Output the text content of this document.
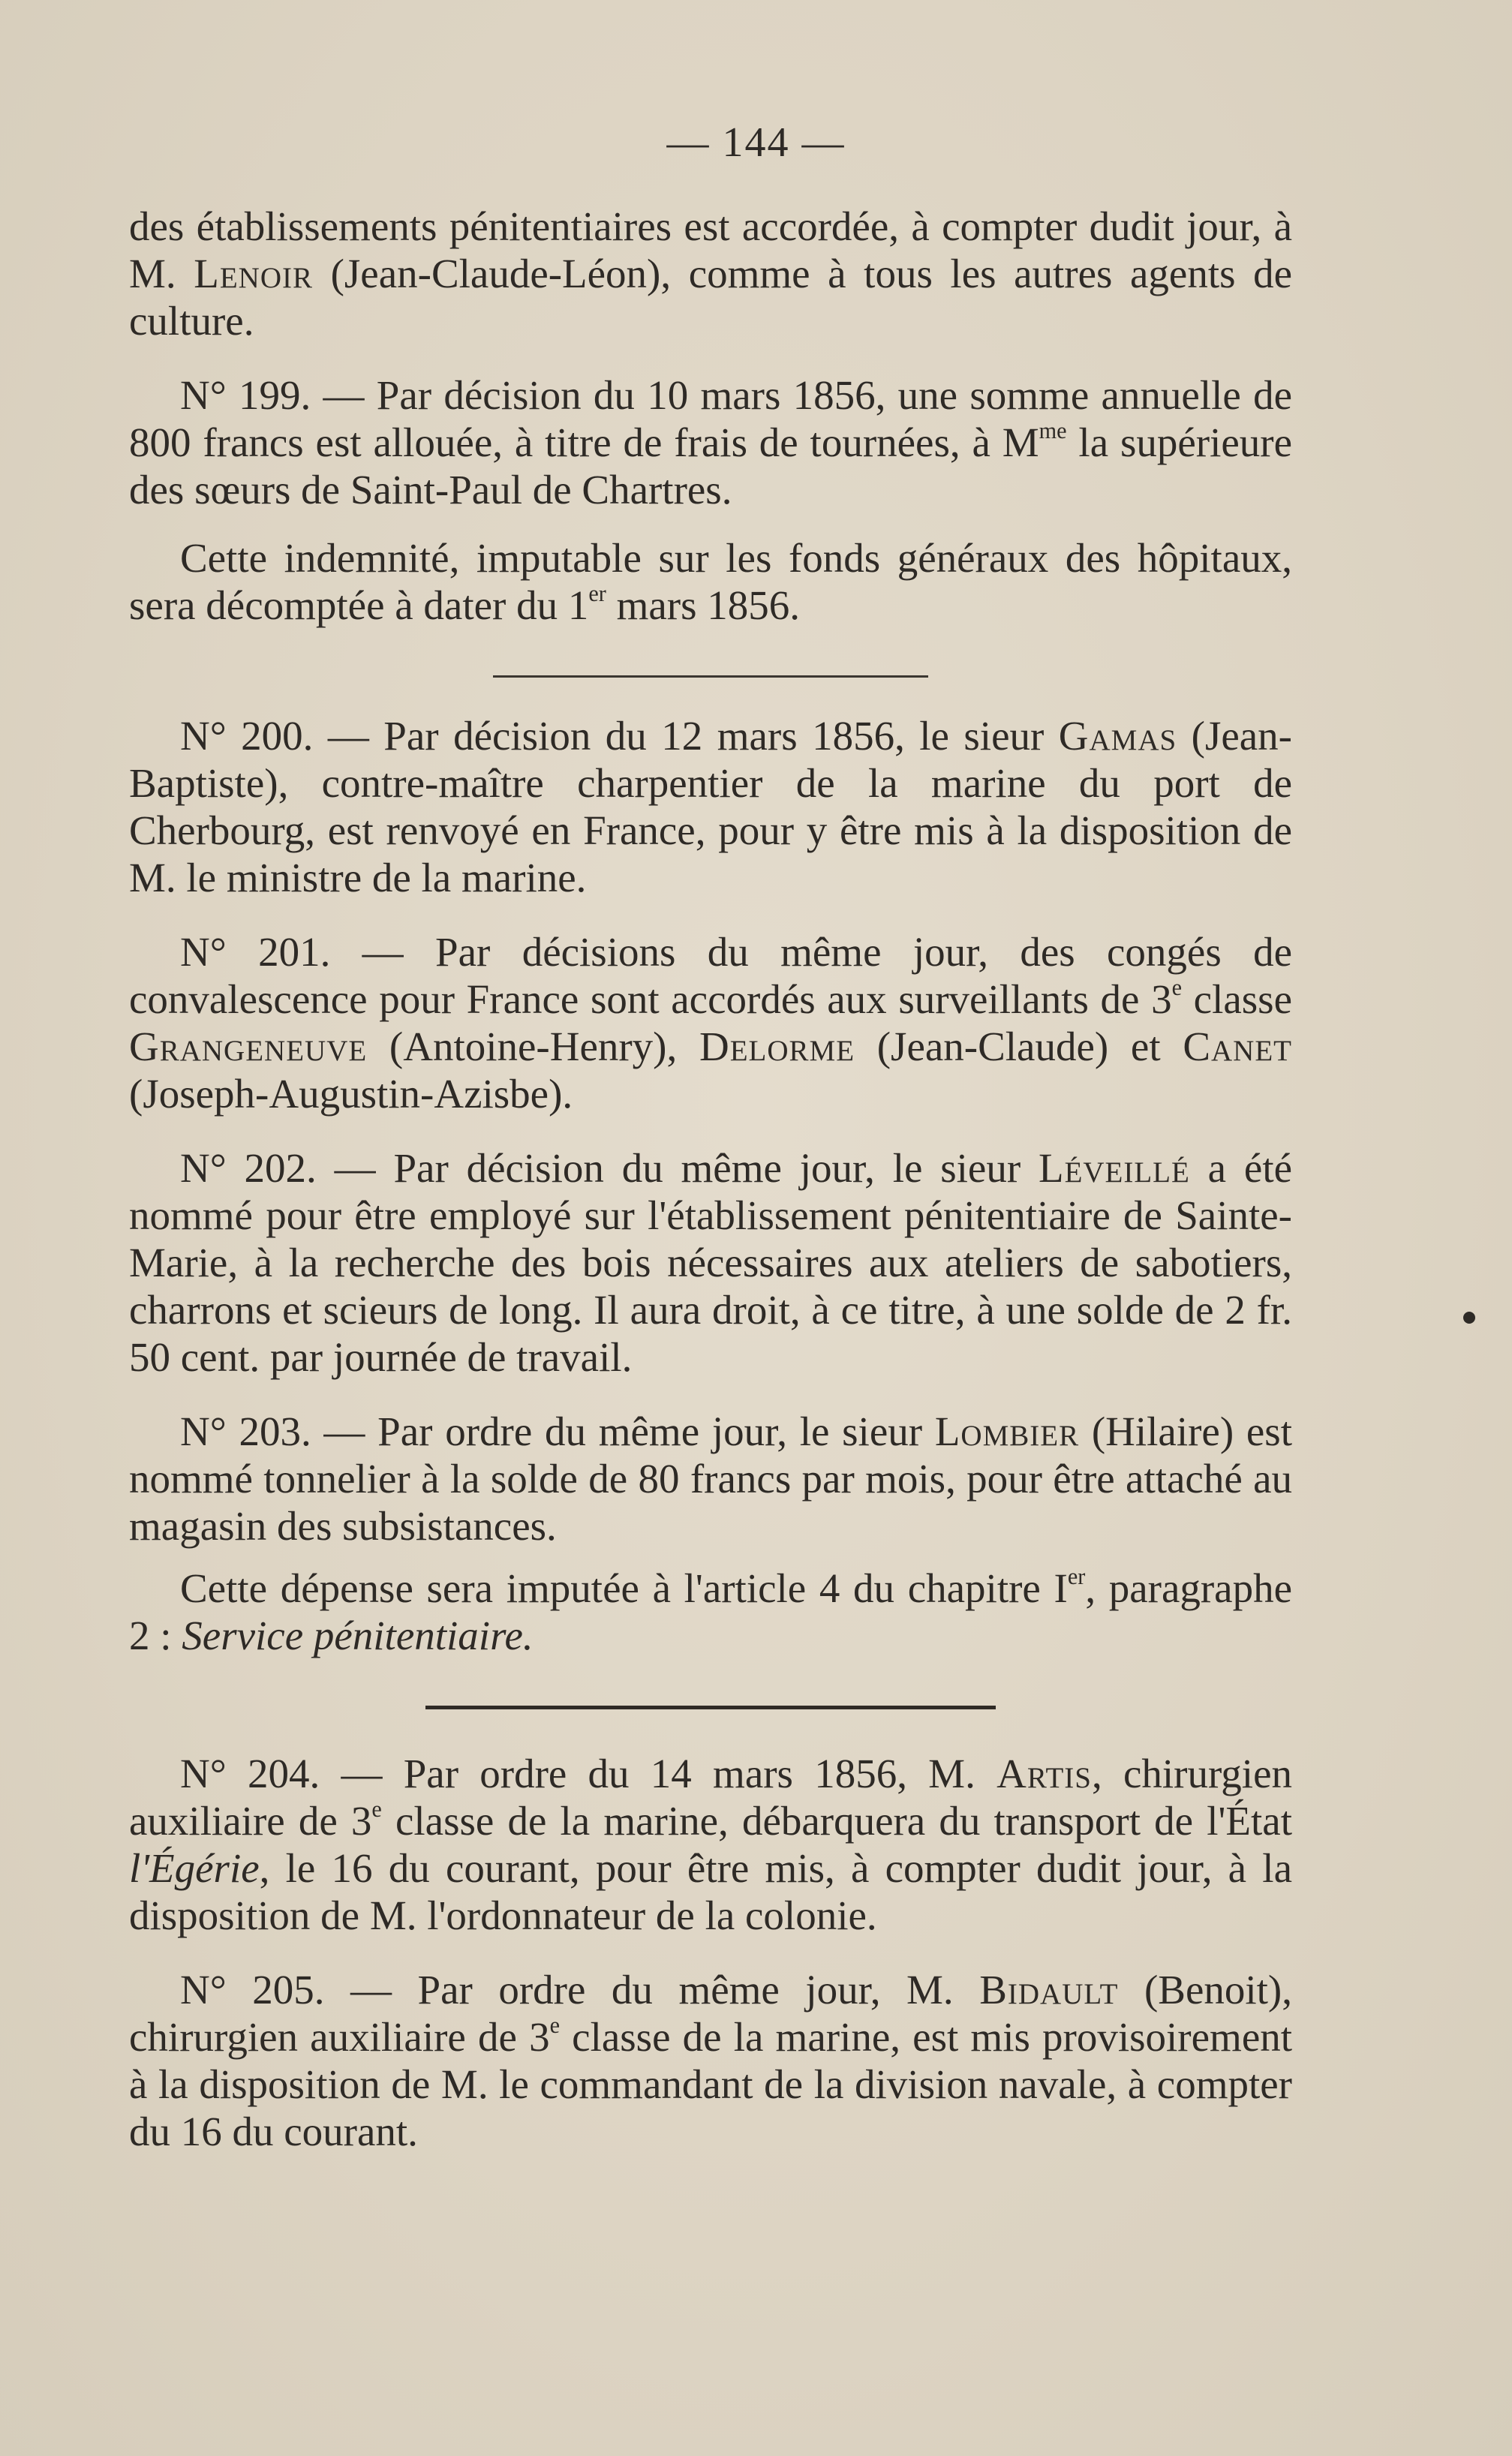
— 144 —

des établissements pénitentiaires est accordée, à compter dudit jour, à M. Lenoir (Jean-Claude-Léon), comme à tous les autres agents de culture.

N° 199. — Par décision du 10 mars 1856, une somme annuelle de 800 francs est allouée, à titre de frais de tournées, à $M^{me}$ la supérieure des sœurs de Saint-Paul de Chartres.

Cette indemnité, imputable sur les fonds généraux des hôpitaux, sera décomptée à dater du 1er mars 1856.

N° 200. — Par décision du 12 mars 1856, le sieur Gamas (Jean-Baptiste), contre-maître charpentier de la marine du port de Cherbourg, est renvoyé en France, pour y être mis à la disposition de M. le ministre de la marine.

N° 201. — Par décisions du même jour, des congés de convalescence pour France sont accordés aux surveillants de 3e classe Grangeneuve (Antoine-Henry), Delorme (Jean-Claude) et Canet (Joseph-Augustin-Azisbe).

N° 202. — Par décision du même jour, le sieur Léveillé a été nommé pour être employé sur l'établissement pénitentiaire de Sainte-Marie, à la recherche des bois nécessaires aux ateliers de sabotiers, charrons et scieurs de long. Il aura droit, à ce titre, à une solde de 2 fr. 50 cent. par journée de travail.

N° 203. — Par ordre du même jour, le sieur Lombier (Hilaire) est nommé tonnelier à la solde de 80 francs par mois, pour être attaché au magasin des subsistances.

Cette dépense sera imputée à l'article 4 du chapitre Ier, paragraphe 2 : Service pénitentiaire.

N° 204. — Par ordre du 14 mars 1856, M. Artis, chirurgien auxiliaire de 3e classe de la marine, débarquera du transport de l'État l'Égérie, le 16 du courant, pour être mis, à compter dudit jour, à la disposition de M. l'ordonnateur de la colonie.

N° 205. — Par ordre du même jour, M. Bidault (Benoit), chirurgien auxiliaire de 3e classe de la marine, est mis provisoirement à la disposition de M. le commandant de la division navale, à compter du 16 du courant.
